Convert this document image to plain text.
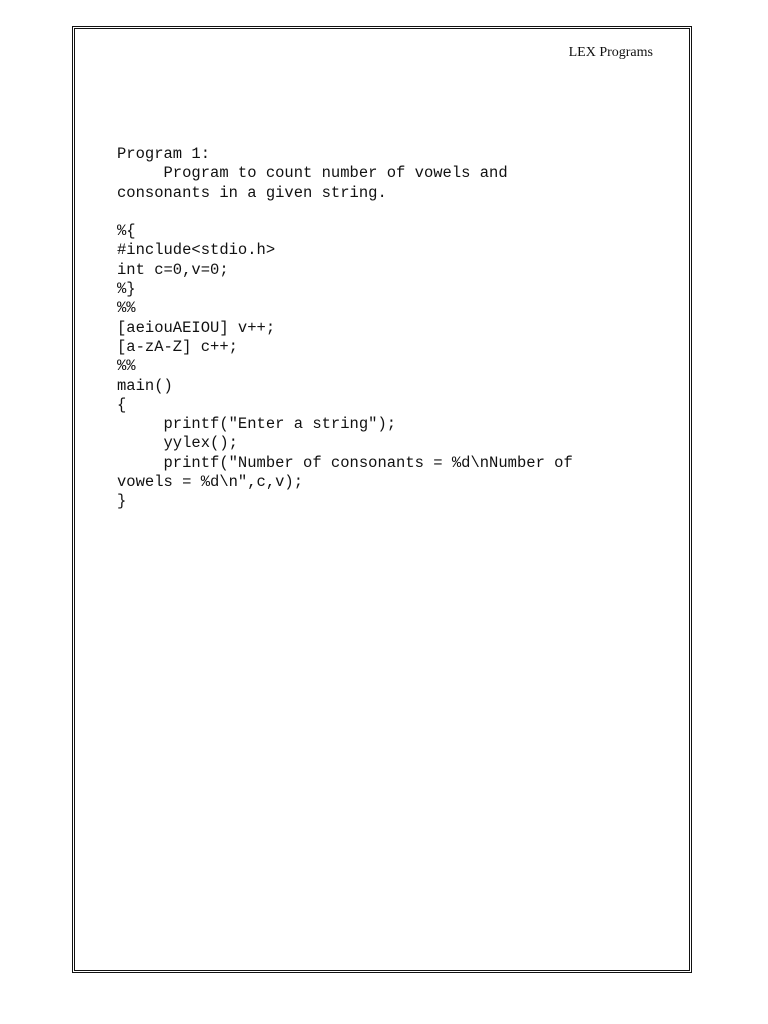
LEX Programs
Program 1:
Program to count number of vowels and
consonants in a given string.
%{
#include<stdio.h>
int c=0,v=0;
%}
%%
[aeiouAEIOU] v++;
[a-zA-Z] c++;
%%
main()
{
printf("Enter a string");
yylex();
printf("Number of consonants = %d\nNumber of
vowels = %d\n",c,v);
}
